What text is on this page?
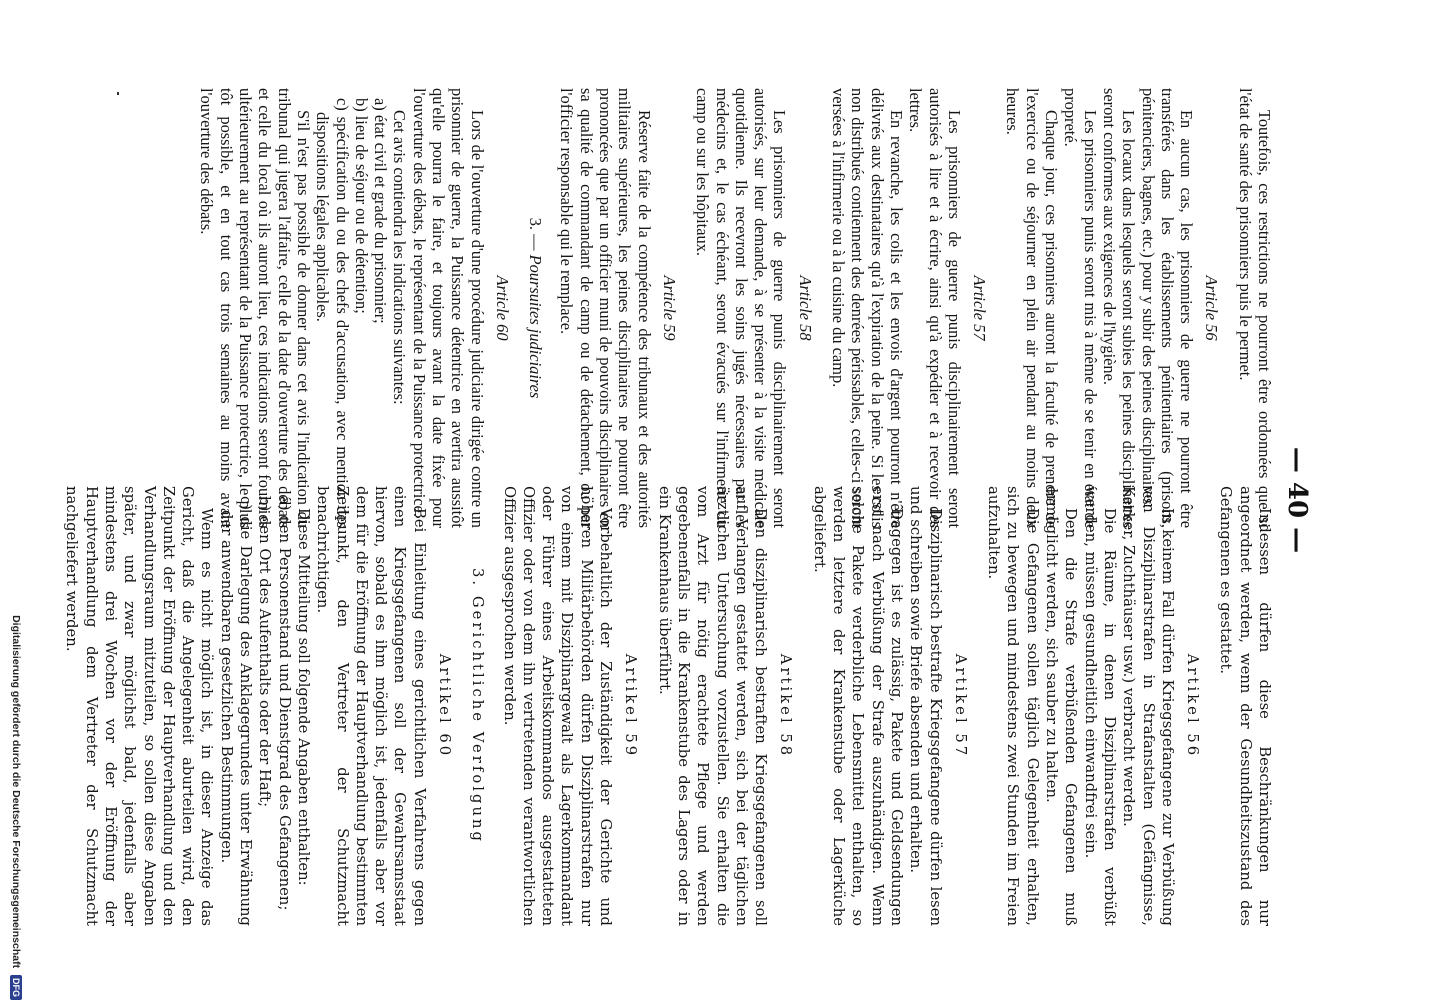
— 40 —

Toutefois, ces restrictions ne pourront être ordonnées que si l'état de santé des prisonniers puis le permet.

Article 56

En aucun cas, les prisonniers de guerre ne pourront être transférés dans les établissements pénitentiaires (prisons, pénitenciers, bagnes, etc.) pour y subir des peines disciplinaires.

Les locaux dans lesquels seront subies les peines disciplinaires seront conformes aux exigences de l'hygiène.

Les prisonniers punis seront mis à même de se tenir en état de propreté.

Chaque jour, ces prisonniers auront la faculté de prendre de l'exercice ou de séjourner en plein air pendant au moins deux heures.

Article 57

Les prisonniers de guerre punis disciplinairement seront autorisés à lire et à écrire, ainsi qu'à expédier et à recevoir des lettres.

En revanche, les colis et les envois d'argent pourront n'être délivrés aux destinataires qu'à l'expiration de la peine. Si les colis non distribués contiennent des denrées périssables, celles-ci seront versées à l'infirmerie ou à la cuisine du camp.

Article 58

Les prisonniers de guerre punis disciplinairement seront autorisés, sur leur demande, à se présenter à la visite médicale quotidienne. Ils recevront les soins jugés nécessaires par les médecins et, le cas échéant, seront évacués sur l'infirmerie du camp ou sur les hôpitaux.

Article 59

Réserve faite de la compétence des tribunaux et des autorités militaires supérieures, les peines disciplinaires ne pourront être prononcées que par un officier muni de pouvoirs disciplinaires en sa qualité de commandant de camp ou de détachement, ou par l'officier responsable qui le remplace.

3. — Poursuites judiciaires

Article 60

Lors de l'ouverture d'une procédure judiciaire dirigée contre un prisonnier de guerre, la Puissance détentrice en avertira aussitôt qu'elle pourra le faire, et toujours avant la date fixée pour l'ouverture des débats, le représentant de la Puissance protectrice.

Cet avis contiendra les indications suivantes:

a) état civil et grade du prisonnier;

b) lieu de séjour ou de détention;

c) spécification du ou des chefs d'accusation, avec mention des dispositions légales applicables.

S'il n'est pas possible de donner dans cet avis l'indication du tribunal qui jugera l'affaire, celle de la date d'ouverture des débats et celle du local où ils auront lieu, ces indications seront fournies ultérieurement au représentant de la Puissance protectrice, le plus tôt possible, et en tout cas trois semaines au moins avant l'ouverture des débats.

Indessen dürfen diese Beschränkungen nur angeordnet werden, wenn der Gesundheitszustand des Gefangenen es gestattet.

Artikel 56

In keinem Fall dürfen Kriegsgefangene zur Verbüßung von Disziplinarstrafen in Strafanstalten (Gefängnisse, Kerker, Zuchthäuser usw.) verbracht werden.

Die Räume, in denen Disziplinarstrafen verbüßt werden, müssen gesundheitlich einwandfrei sein.

Den die Strafe verbüßenden Gefangenen muß ermöglicht werden, sich sauber zu halten.

Die Gefangenen sollen täglich Gelegenheit erhalten, sich zu bewegen und mindestens zwei Stunden im Freien aufzuhalten.

Artikel 57

Disziplinarisch bestrafte Kriegsgefangene dürfen lesen und schreiben sowie Briefe absenden und erhalten.

Dagegen ist es zulässig, Pakete und Geldsendungen erst nach Verbüßung der Strafe auszuhändigen. Wenn solche Pakete verderbliche Lebensmittel enthalten, so werden letztere der Krankenstube oder Lagerküche abgeliefert.

Artikel 58

Den disziplinarisch bestraften Kriegsgefangenen soll auf Verlangen gestattet werden, sich bei der täglichen ärztlichen Untersuchung vorzustellen. Sie erhalten die vom Arzt für nötig erachtete Pflege und werden gegebenenfalls in die Krankenstube des Lagers oder in ein Krankenhaus überführt.

Artikel 59

Vorbehaltlich der Zuständigkeit der Gerichte und höheren Militärbehörden dürfen Disziplinarstrafen nur von einem mit Disziplinargewalt als Lagerkommandant oder Führer eines Arbeitskommandos ausgestatteten Offizier oder von dem ihn vertretenden verantwortlichen Offizier ausgesprochen werden.

3. Gerichtliche Verfolgung

Artikel 60

Bei Einleitung eines gerichtlichen Verfahrens gegen einen Kriegsgefangenen soll der Gewahrsamsstaat hiervon, sobald es ihm möglich ist, jedenfalls aber vor dem für die Eröffnung der Hauptverhandlung bestimmten Zeitpunkt, den Vertreter der Schutzmacht benachrichtigen.

Diese Mitteilung soll folgende Angaben enthalten:

a) den Personenstand und Dienstgrad des Gefangenen;

b) den Ort des Aufenthalts oder der Haft;

c) die Darlegung des Anklagegrundes unter Erwähnung der anwendbaren gesetzlichen Bestimmungen.

Wenn es nicht möglich ist, in dieser Anzeige das Gericht, daß die Angelegenheit aburteilen wird, den Zeitpunkt der Eröffnung der Hauptverhandlung und den Verhandlungsraum mitzuteilen, so sollen diese Angaben später, und zwar möglichst bald, jedenfalls aber mindestens drei Wochen vor der Eröffnung der Hauptverhandlung dem Vertreter der Schutzmacht nachgeliefert werden.

Digitalisierung gefördert durch die Deutsche Forschungsgemeinschaft DFG
